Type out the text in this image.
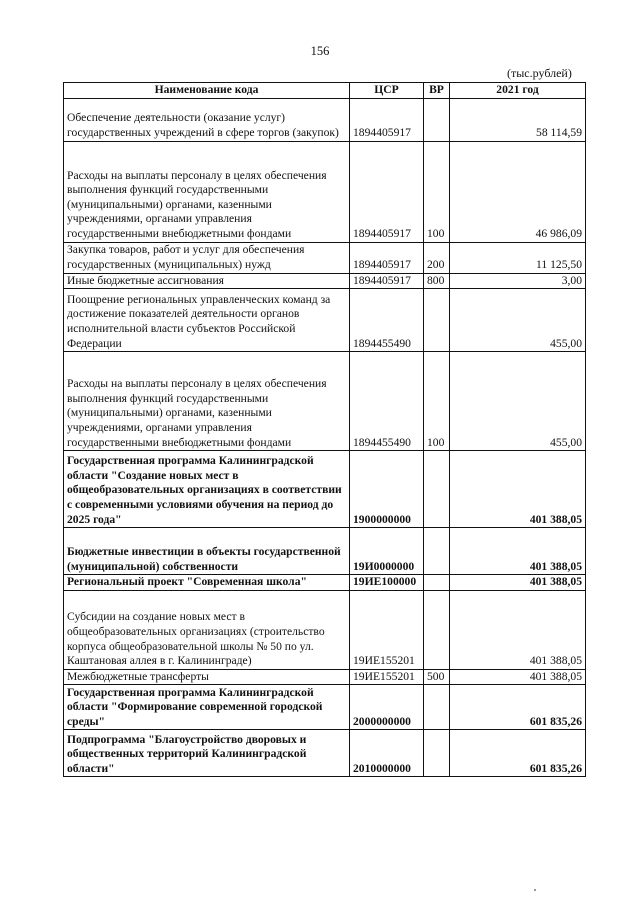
156
(тыс.рублей)
Наименование кода	ЦСР	ВР	2021 год
Обеспечение деятельности (оказание услуг) государственных учреждений в сфере торгов (закупок)	1894405917		58 114,59
Расходы на выплаты персоналу в целях обеспечения выполнения функций государственными (муниципальными) органами, казенными учреждениями, органами управления государственными внебюджетными фондами	1894405917	100	46 986,09
Закупка товаров, работ и услуг для обеспечения государственных (муниципальных) нужд	1894405917	200	11 125,50
Иные бюджетные ассигнования	1894405917	800	3,00
Поощрение региональных управленческих команд за достижение показателей деятельности органов исполнительной власти субъектов Российской Федерации	1894455490		455,00
Расходы на выплаты персоналу в целях обеспечения выполнения функций государственными (муниципальными) органами, казенными учреждениями, органами управления государственными внебюджетными фондами	1894455490	100	455,00
Государственная программа Калининградской области "Создание новых мест в общеобразовательных организациях в соответствии с современными условиями обучения на период до 2025 года"	1900000000		401 388,05
Бюджетные инвестиции в объекты государственной (муниципальной) собственности	19И0000000		401 388,05
Региональный проект "Современная школа"	19ИЕ100000		401 388,05
Субсидии на создание новых мест в общеобразовательных организациях (строительство корпуса общеобразовательной школы № 50 по ул. Каштановая аллея в г. Калининграде)	19ИЕ155201		401 388,05
Межбюджетные трансферты	19ИЕ155201	500	401 388,05
Государственная программа Калининградской области "Формирование современной городской среды"	2000000000		601 835,26
Подпрограмма "Благоустройство дворовых и общественных территорий Калининградской области"	2010000000		601 835,26
